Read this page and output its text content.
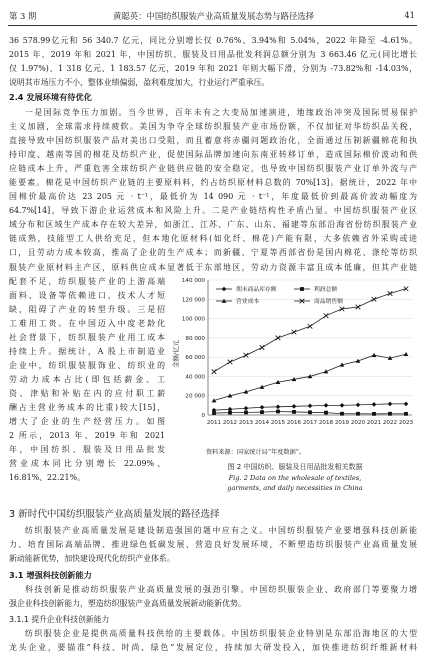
第 3 期	黄聪英：中国纺织服装产业高质量发展态势与路径选择	41
36 578.99亿元和 56 340.7 亿元，同比分别增长仅 0.76%、3.94%和 5.04%，2022 年降至 -4.61%。
2015 年、2019 年和 2021 年，中国纺织、服装及日用品批发利润总额分别为 3 663.46 亿元(同比增长
仅 1.97%)、1 318 亿元、1 183.57 亿元，2019 年和 2021 年则大幅下滑，分别为 -73.82%和 -14.03%，
说明其市场压力不小，整体业绩偏弱，盈利难度加大，行业运行严重承压。
2.4 发展环境有待优化
一是国际竞争压力加剧。当今世界，百年未有之大变局加速演进，地缘政治冲突及国际贸易保护
主义加剧，全球需求持续疲软。美国为争夺全球纺织服装产业市场份额，不仅加征对华纺织品关税，
直接导致中国纺织服装产品对美出口受阻，而且蓄意将赤疆问题政治化，全面通过压制新疆棉花和执
持印度、越南等国的棉花及纺织产业，促使国际品牌加速向东南亚转移订单，造成国际棉价波动和供
应链成本上升，严重危害全球纺织产业链供应链的安全稳定，也导致中国纺织服装产业订单外流与产
能要素。棉花是中国纺织产业链的主要原料料，约占纺织原材料总数的 70%[13]。据统计，2022 年中
国棉价最高价达 23 205 元 · t⁻¹，最低价为 14 090 元 · t⁻¹，年度最低价到最高价波动幅度为
64.7%[14]，导致下游企业运营成本和风险上升。二是产业链结构性矛盾凸显。中国纺织服装产业区
域分布和区域生产成本存在较大差异，如浙江、江苏、广东、山东、福建等东部沿海省份纺织服装产业
链成熟，技能型工人供给充足，但本地化原材料(如化纤、棉花)产能有限，大多依赖省外采购或进
口，且劳动力成本较高，推高了企业的生产成本；而新疆、宁夏等西部省份是国内棉花、涤纶等纺织
服装产业原材料主产区，原料供应成本显著低于东部地区，劳动力资源丰富且成本低廉，但其产业链
配套不足，纺织服装产业的上游高端
面料、设备等依赖进口，技术人才短
缺，阻碍了产业的转型升级。三是招
工难用工贵。在中国迈入中度老龄化
社会背景下，纺织服装产业用工成本
持续上升。据统计，A 股上市制造业
企业中，纺织服装服饰业、纺织业的
劳动力成本占比(即包括薪金、工
资、津贴和补贴在内的应付职工薪
酬占主营业务成本的比重)较大[15]，
增大了企业的生产经营压力。如图
2 所示，2013 年、2019 年和 2021
年，中国纺织、服装及日用品批发
营业成本同比分别增长 22.09%、
16.81%、22.21%。
0
20 000
40 000
60 000
80 000
100 000
120 000
140 000
2011 2012 2013 2014 2015 2016 2017 2018 2019 2020 2021 2022 2023
期末商品库存额	利润总额
营业成本	商品销售额
金额/亿元
资料来源：国家统计局“年度数据”。
图 2 中国纺织、服装及日用品批发相关数据
Fig. 2 Data on the wholesale of textiles,
garments, and daily necessities in China
3 新时代中国纺织服装产业高质量发展的路径选择
纺织服装产业高质量发展是建设制造强国的题中应有之义。中国纺织服装产业要增强科技创新能
力、培育国际高端品牌、推进绿色低碳发展、营造良好发展环境，不断塑造纺织服装产业高质量发展
新动能新优势，加快建设现代化纺织产业体系。
3.1 增强科技创新能力
科技创新是推动纺织服装产业高质量发展的强劲引擎。中国纺织服装企业、政府部门等要聚力增
强企业科技创新能力，塑造纺织服装产业高质量发展新动能新优势。
3.1.1 提升企业科技创新能力
纺织服装企业是提供高质量科技供给的主要载体。中国纺织服装企业特别是东部沿海地区的大型
龙头企业，要锚准“科技、时尚、绿色”发展定位，持续加大研发投入，加快推进纺织纤维新材料
